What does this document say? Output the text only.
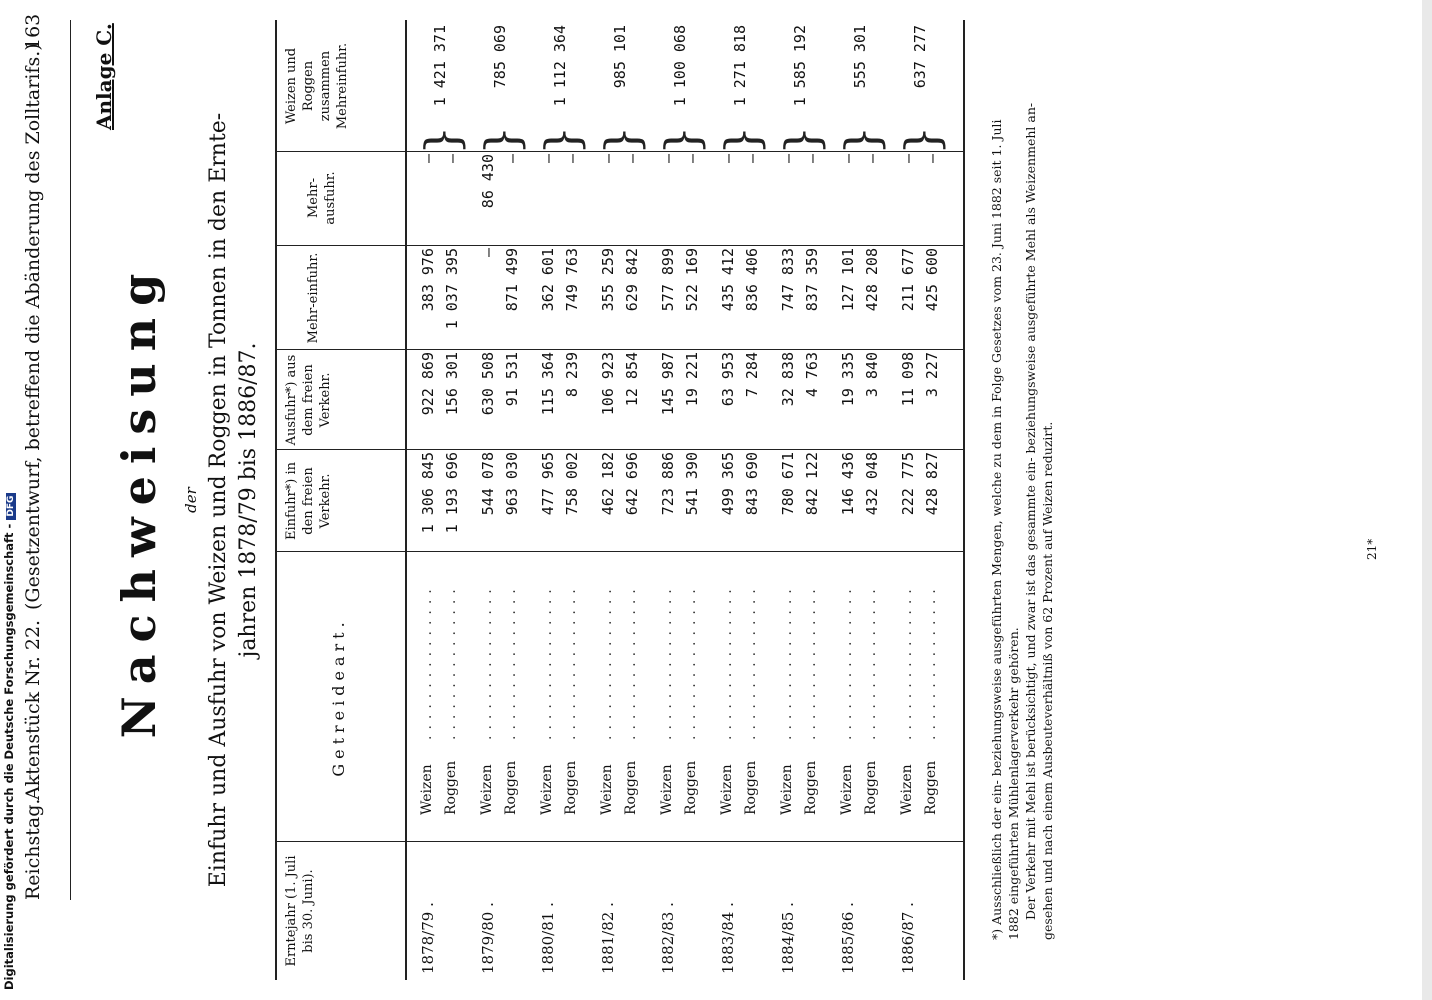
Reichstag.
Aktenstück Nr. 22.
(Gesetzentwurf, betreffend die Abänderung des Zolltarifs.)
163 Anlage C.
Nachweisung der Einfuhr und Ausfuhr von Weizen und Roggen in Tonnen in den Ernte- jahren 1878/79 bis 1886/87.
Erntejahr (1. Juli bis 30. Juni).
Getreideart.
Einfuhr*) in den freien Verkehr.
Ausfuhr*) aus dem freien Verkehr.
Mehr-einfuhr.
Mehr-ausfuhr.
Weizen und Roggen zusammen Mehreinfuhr.
1878/79 .
Weizen Roggen
............... ...............
1 306 845 1 193 696
922 869 156 301
383 976 1 037 395
— —
}
1 421 371
1879/80 .
Weizen Roggen
............... ...............
544 078 963 030
630 508 91 531
— 871 499
86 430 —
}
785 069
1880/81 .
Weizen Roggen
............... ...............
477 965 758 002
115 364 8 239
362 601 749 763
— —
}
1 112 364
1881/82 .
Weizen Roggen
............... ...............
462 182 642 696
106 923 12 854
355 259 629 842
— —
}
985 101
1882/83 .
Weizen Roggen
............... ...............
723 886 541 390
145 987 19 221
577 899 522 169
— —
}
1 100 068
1883/84 .
Weizen Roggen
............... ...............
499 365 843 690
63 953 7 284
435 412 836 406
— —
}
1 271 818
1884/85 .
Weizen Roggen
............... ...............
780 671 842 122
32 838 4 763
747 833 837 359
— —
}
1 585 192
1885/86 .
Weizen Roggen
............... ...............
146 436 432 048
19 335 3 840
127 101 428 208
— —
}
555 301
1886/87 .
Weizen Roggen
............... ...............
222 775 428 827
11 098 3 227
211 677 425 600
— —
}
637 277
*) Ausschließlich der ein- beziehungsweise ausgeführten Mengen, welche zu dem in Folge Gesetzes vom 23. Juni 1882 seit 1. Juli 1882 eingeführten Mühlenlagerverkehr gehören. Der Verkehr mit Mehl ist berücksichtigt, und zwar ist das gesammte ein- beziehungsweise ausgeführte Mehl als Weizenmehl an- gesehen und nach einem Ausbeuteverhältniß von 62 Prozent auf Weizen reduzirt.	21*
Digitalisierung gefördert durch die Deutsche Forschungsgemeinschaft -DFG
